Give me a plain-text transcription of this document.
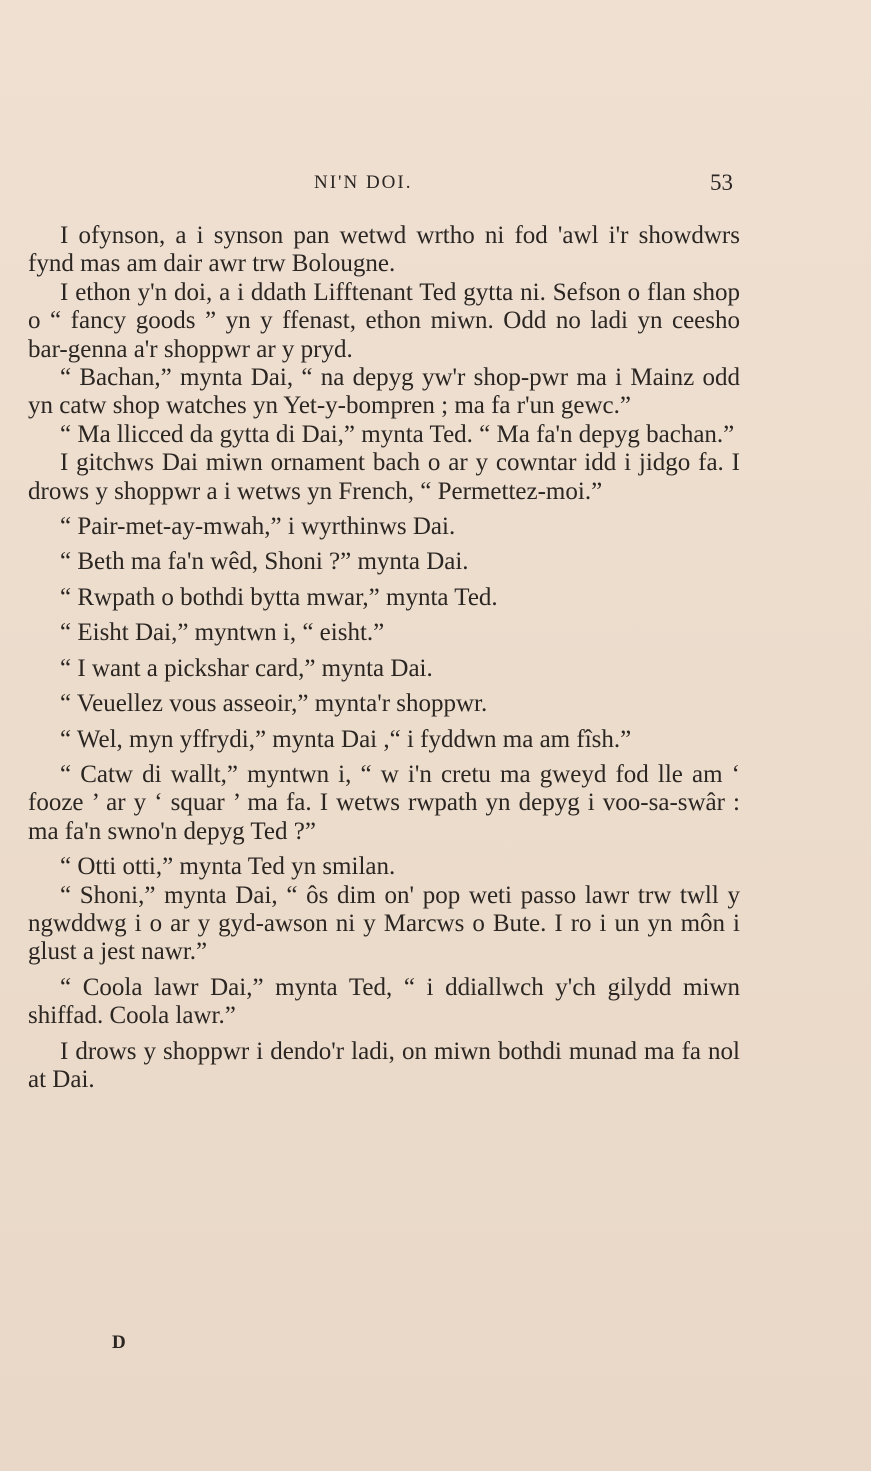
NI'N DOI.	53

I ofynson, a i synson pan wetwd wrtho ni fod 'awl i'r showdwrs fynd mas am dair awr trw Bolougne.

I ethon y'n doi, a i ddath Lifftenant Ted gytta ni. Sefson o flan shop o “ fancy goods ” yn y ffenast, ethon miwn. Odd no ladi yn ceesho bar-genna a'r shoppwr ar y pryd.

“ Bachan,” mynta Dai, “ na depyg yw'r shop-pwr ma i Mainz odd yn catw shop watches yn Yet-y-bompren ; ma fa r'un gewc.”

“ Ma llicced da gytta di Dai,” mynta Ted. “ Ma fa'n depyg bachan.”

I gitchws Dai miwn ornament bach o ar y cowntar idd i jidgo fa. I drows y shoppwr a i wetws yn French, “ Permettez-moi.”

“ Pair-met-ay-mwah,” i wyrthinws Dai.

“ Beth ma fa'n wêd, Shoni ?” mynta Dai.

“ Rwpath o bothdi bytta mwar,” mynta Ted.

“ Eisht Dai,” myntwn i, “ eisht.”

“ I want a pickshar card,” mynta Dai.

“ Veuellez vous asseoir,” mynta'r shoppwr.

“ Wel, myn yffrydi,” mynta Dai ,“ i fyddwn ma am fîsh.”

“ Catw di wallt,” myntwn i, “ w i'n cretu ma gweyd fod lle am ‘ fooze ’ ar y ‘ squar ’ ma fa. I wetws rwpath yn depyg i voo-sa-swâr : ma fa'n swno'n depyg Ted ?”

“ Otti otti,” mynta Ted yn smilan.

“ Shoni,” mynta Dai, “ ôs dim on' pop weti passo lawr trw twll y ngwddwg i o ar y gyd-awson ni y Marcws o Bute. I ro i un yn môn i glust a jest nawr.”

“ Coola lawr Dai,” mynta Ted, “ i ddiallwch y'ch gilydd miwn shiffad. Coola lawr.”

I drows y shoppwr i dendo'r ladi, on miwn bothdi munad ma fa nol at Dai.

D
